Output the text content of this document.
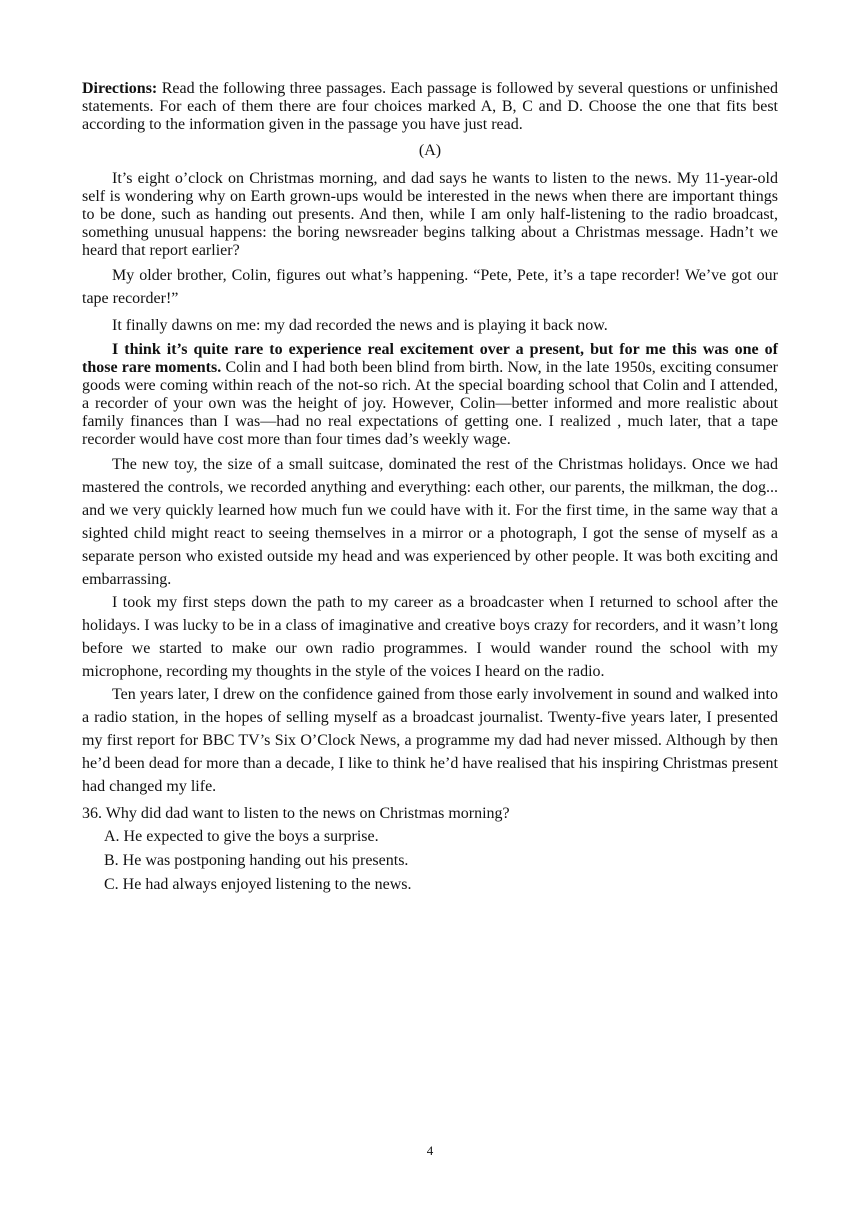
Directions: Read the following three passages. Each passage is followed by several questions or unfinished statements. For each of them there are four choices marked A, B, C and D. Choose the one that fits best according to the information given in the passage you have just read.

(A)

It’s eight o’clock on Christmas morning, and dad says he wants to listen to the news. My 11-year-old self is wondering why on Earth grown-ups would be interested in the news when there are important things to be done, such as handing out presents. And then, while I am only half-listening to the radio broadcast, something unusual happens: the boring newsreader begins talking about a Christmas message. Hadn’t we heard that report earlier?

My older brother, Colin, figures out what’s happening. “Pete, Pete, it’s a tape recorder! We’ve got our tape recorder!”

It finally dawns on me: my dad recorded the news and is playing it back now.

I think it’s quite rare to experience real excitement over a present, but for me this was one of those rare moments. Colin and I had both been blind from birth. Now, in the late 1950s, exciting consumer goods were coming within reach of the not-so rich. At the special boarding school that Colin and I attended, a recorder of your own was the height of joy. However, Colin—better informed and more realistic about family finances than I was—had no real expectations of getting one. I realized , much later, that a tape recorder would have cost more than four times dad’s weekly wage.

The new toy, the size of a small suitcase, dominated the rest of the Christmas holidays. Once we had mastered the controls, we recorded anything and everything: each other, our parents, the milkman, the dog... and we very quickly learned how much fun we could have with it. For the first time, in the same way that a sighted child might react to seeing themselves in a mirror or a photograph, I got the sense of myself as a separate person who existed outside my head and was experienced by other people. It was both exciting and embarrassing.

I took my first steps down the path to my career as a broadcaster when I returned to school after the holidays. I was lucky to be in a class of imaginative and creative boys crazy for recorders, and it wasn’t long before we started to make our own radio programmes. I would wander round the school with my microphone, recording my thoughts in the style of the voices I heard on the radio.

Ten years later, I drew on the confidence gained from those early involvement in sound and walked into a radio station, in the hopes of selling myself as a broadcast journalist. Twenty-five years later, I presented my first report for BBC TV’s Six O’Clock News, a programme my dad had never missed. Although by then he’d been dead for more than a decade, I like to think he’d have realised that his inspiring Christmas present had changed my life.

36. Why did dad want to listen to the news on Christmas morning?

A. He expected to give the boys a surprise.
B. He was postponing handing out his presents.
C. He had always enjoyed listening to the news.
4
